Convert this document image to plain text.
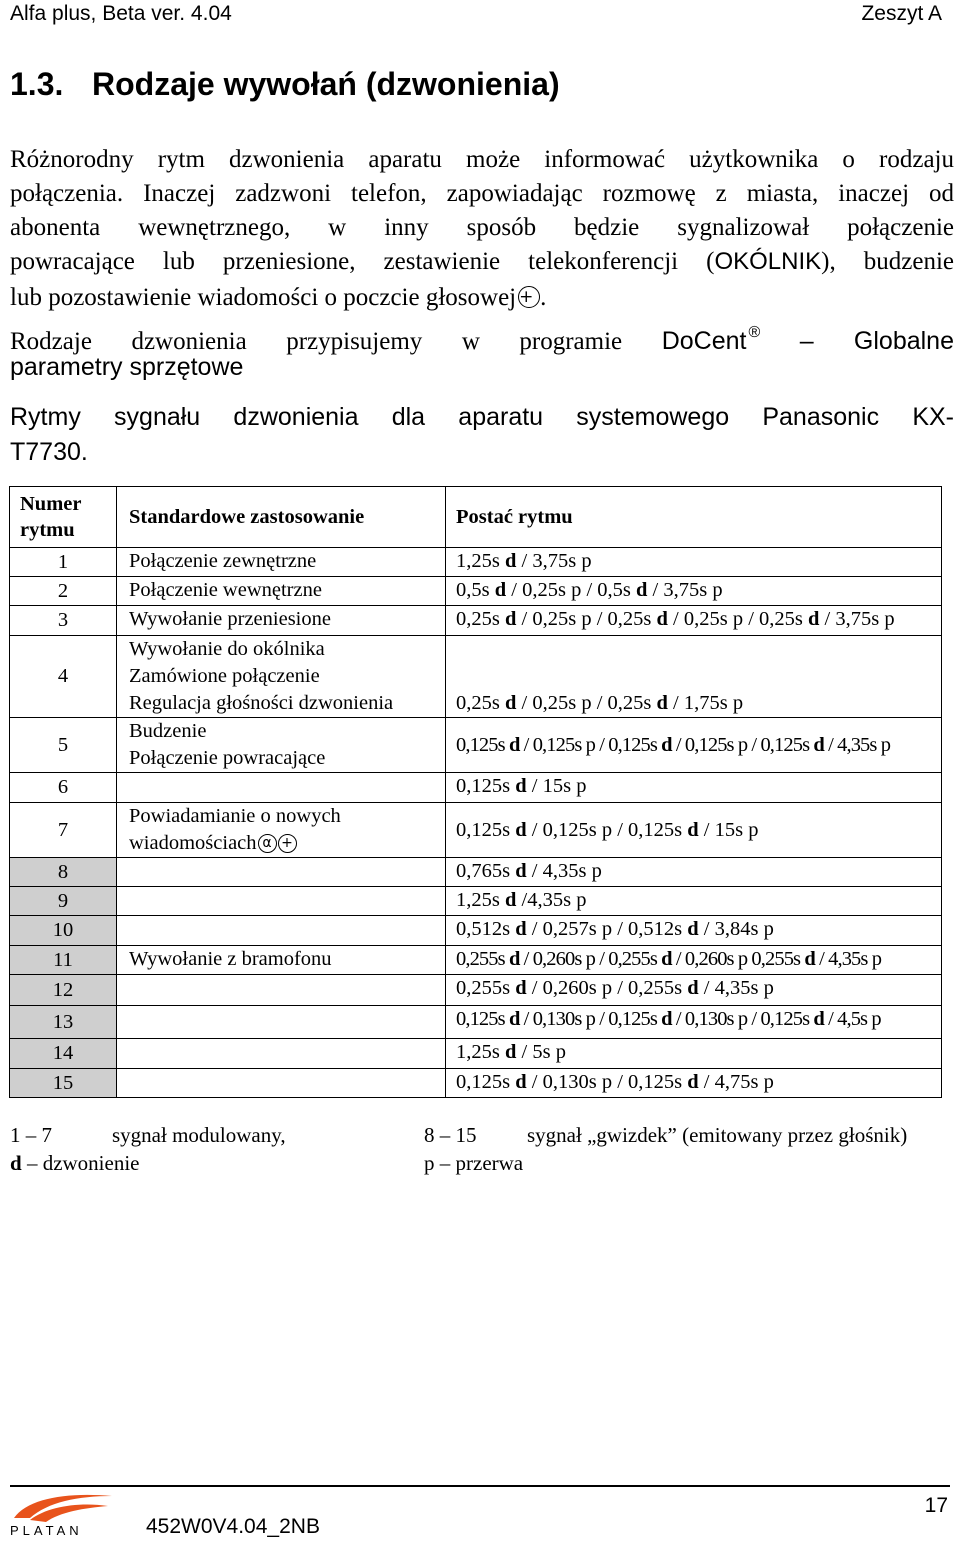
Alfa plus, Beta ver. 4.04	Zeszyt A
1.3. Rodzaje wywołań (dzwonienia)
Różnorodny rytm dzwonienia aparatu może informować użytkownika o rodzaju
połączenia. Inaczej zadzwoni telefon, zapowiadając rozmowę z miasta, inaczej od
abonenta wewnętrznego, w inny sposób będzie sygnalizował połączenie
powracające lub przeniesione, zestawienie telekonferencji (OKÓLNIK), budzenie
lub pozostawienie wiadomości o poczcie głosowej + .
Rodzaje dzwonienia przypisujemy w programie DoCent ® – Globalne
parametry sprzętowe
Rytmy sygnału dzwonienia dla aparatu systemowego Panasonic KX-
T7730.
Numer
rytmu	Standardowe zastosowanie	Postać rytmu
1	Połączenie zewnętrzne	1,25s d / 3,75s p
2	Połączenie wewnętrzne	0,5s d / 0,25s p / 0,5s d / 3,75s p
3	Wywołanie przeniesione	0,25s d / 0,25s p / 0,25s d / 0,25s p / 0,25s d / 3,75s p
4	Wywołanie do okólnika
Zamówione połączenie
Regulacja głośności dzwonienia	0,25s d / 0,25s p / 0,25s d / 1,75s p
5	Budzenie
Połączenie powracające	0,125s d / 0,125s p / 0,125s d / 0,125s p / 0,125s d / 4,35s p
6		0,125s d / 15s p
7	Powiadamianie o nowych
wiadomościach α +	0,125s d / 0,125s p / 0,125s d / 15s p
8		0,765s d / 4,35s p
9		1,25s d /4,35s p
10		0,512s d / 0,257s p / 0,512s d / 3,84s p
11	Wywołanie z bramofonu	0,255s d / 0,260s p / 0,255s d / 0,260s p 0,255s d / 4,35s p
12		0,255s d / 0,260s p / 0,255s d / 4,35s p
13		0,125s d / 0,130s p / 0,125s d / 0,130s p / 0,125s d / 4,5s p
14		1,25s d / 5s p
15		0,125s d / 0,130s p / 0,125s d / 4,75s p
1 – 7	sygnał modulowany,
d – dzwonienie
8 – 15 sygnał „gwizdek” (emitowany przez głośnik)
p – przerwa
PLATAN	452W0V4.04_2NB
17
